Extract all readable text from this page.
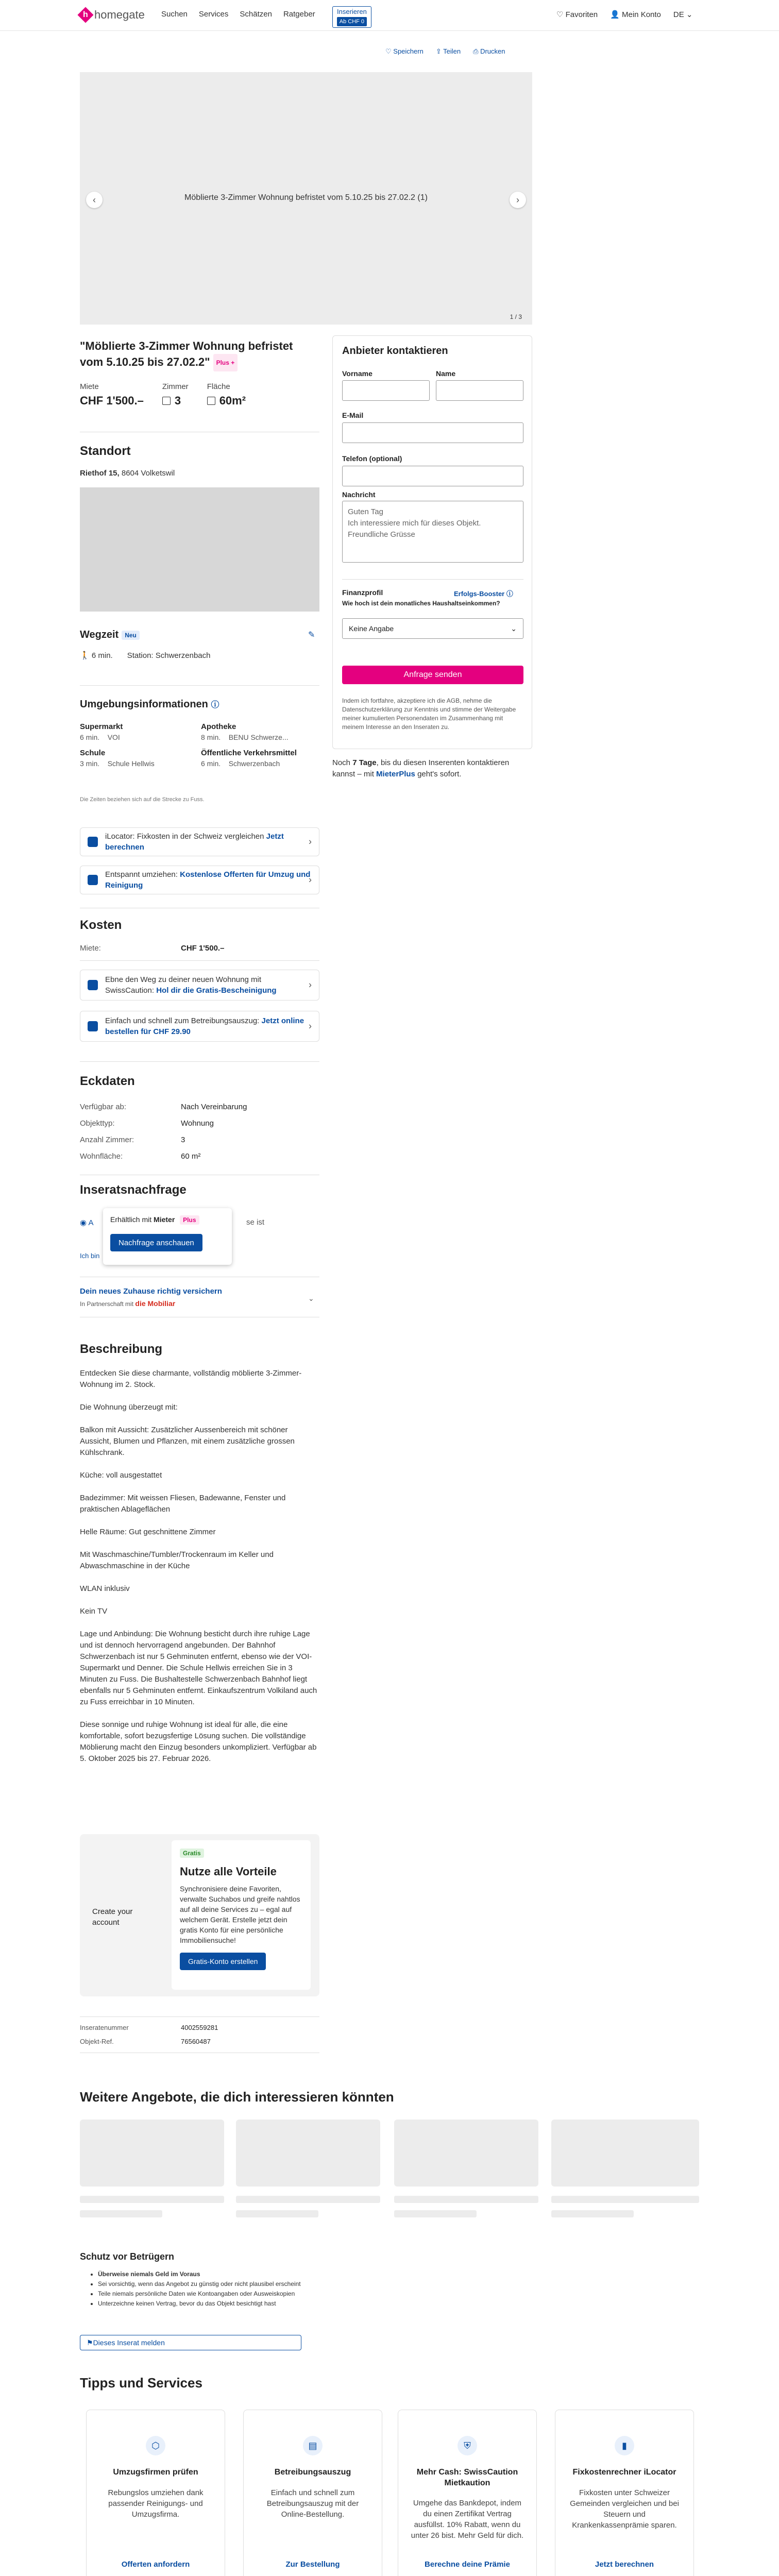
h homegate Suchen Services Schätzen Ratgeber	Inserieren
Ab CHF 0
♡ Favoriten 👤 Mein Konto DE ⌄
♡ Speichern ⇪ Teilen ⎙ Drucken
Möblierte 3-Zimmer Wohnung befristet vom 5.10.25 bis 27.02.2 (1)
‹	›
1 / 3
"Möblierte 3-Zimmer Wohnung befristet vom 5.10.25 bis 27.02.2" Plus +
Miete
CHF 1'500.–
Zimmer
3
Fläche
60m²
Standort
Riethof 15, 8604 Volketswil
Wegzeit Neu	✎
🚶 6 min. Station: Schwerzenbach
Umgebungsinformationen ⓘ
Supermarkt
6 min. VOI
Apotheke
8 min. BENU Schwerze...
Schule
3 min. Schule Hellwis
Öffentliche Verkehrsmittel
6 min. Schwerzenbach
Die Zeiten beziehen sich auf die Strecke zu Fuss.
iLocator: Fixkosten in der Schweiz vergleichen Jetzt berechnen
›
Entspannt umziehen: Kostenlose Offerten für Umzug und Reinigung
›
Kosten
Miete:	CHF 1'500.–
Ebne den Weg zu deiner neuen Wohnung mit SwissCaution: Hol dir die Gratis-Bescheinigung
›
Einfach und schnell zum Betreibungsauszug: Jetzt online bestellen für CHF 29.90
›
Eckdaten
Verfügbar ab:	Nach Vereinbarung
Objekttyp:	Wohnung
Anzahl Zimmer:	3
Wohnfläche:	60 m²
Inseratsnachfrage
◉ A	se ist
Ich bin
Erhältlich mit Mieter Plus
Nachfrage anschauen
Dein neues Zuhause richtig versichern
In Partnerschaft mit die Mobiliar
⌄
Beschreibung

Entdecken Sie diese charmante, vollständig möblierte 3-Zimmer-Wohnung im 2. Stock.

Die Wohnung überzeugt mit:

Balkon mit Aussicht: Zusätzlicher Aussenbereich mit schöner Aussicht, Blumen und Pflanzen, mit einem zusätzliche grossen Kühlschrank.

Küche: voll ausgestattet

Badezimmer: Mit weissen Fliesen, Badewanne, Fenster und praktischen Ablageflächen

Helle Räume: Gut geschnittene Zimmer

Mit Waschmaschine/Tumbler/Trockenraum im Keller und Abwaschmaschine in der Küche

WLAN inklusiv

Kein TV

Lage und Anbindung: Die Wohnung besticht durch ihre ruhige Lage und ist dennoch hervorragend angebunden. Der Bahnhof Schwerzenbach ist nur 5 Gehminuten entfernt, ebenso wie der VOI-Supermarkt und Denner. Die Schule Hellwis erreichen Sie in 3 Minuten zu Fuss. Die Bushaltestelle Schwerzenbach Bahnhof liegt ebenfalls nur 5 Gehminuten entfernt. Einkaufszentrum Volkiland auch zu Fuss erreichbar in 10 Minuten.

Diese sonnige und ruhige Wohnung ist ideal für alle, die eine komfortable, sofort bezugsfertige Lösung suchen. Die vollständige Möblierung macht den Einzug besonders unkompliziert. Verfügbar ab 5. Oktober 2025 bis 27. Februar 2026.

Create your account
Gratis
Nutze alle Vorteile
Synchronisiere deine Favoriten, verwalte Suchabos und greife nahtlos auf all deine Services zu – egal auf welchem Gerät. Erstelle jetzt dein gratis Konto für eine persönliche Immobiliensuche!
Gratis-Konto erstellen
Inseratenummer	4002559281
Objekt-Ref.	76560487
Weitere Angebote, die dich interessieren könnten
Schutz vor Betrügern
• Überweise niemals Geld im Voraus
• Sei vorsichtig, wenn das Angebot zu günstig oder nicht plausibel erscheint
• Teile niemals persönliche Daten wie Kontoangaben oder Ausweiskopien
• Unterzeichne keinen Vertrag, bevor du das Objekt besichtigt hast
⚑ Dieses Inserat melden
Tipps und Services
⬡
Umzugsfirmen prüfen
Rebungslos umziehen dank passender Reinigungs- und Umzugsfirma.
Offerten anfordern
▤
Betreibungsauszug
Einfach und schnell zum Betreibungsauszug mit der Online-Bestellung.
Zur Bestellung
⛨
Mehr Cash: SwissCaution Mietkaution
Umgehe das Bankdepot, indem du einen Zertifikat Vertrag ausfüllst. 10% Rabatt, wenn du unter 26 bist. Mehr Geld für dich.
Berechne deine Prämie
▮
Fixkostenrechner iLocator
Fixkosten unter Schweizer Gemeinden vergleichen und bei Steuern und Krankenkassenprämie sparen.
Jetzt berechnen
Anbieter kontaktieren
Vorname	Name
E-Mail
Telefon (optional)
Nachricht
Guten Tag
Ich interessiere mich für dieses Objekt.
Freundliche Grüsse
Finanzprofil	Erfolgs-Booster ⓘ
Wie hoch ist dein monatliches Haushaltseinkommen?
Keine Angabe	⌄
Anfrage senden
Indem ich fortfahre, akzeptiere ich die AGB, nehme die Datenschutzerklärung zur Kenntnis und stimme der Weitergabe meiner kumulierten Personendaten im Zusammenhang mit meinem Interesse an den Inseraten zu.
Noch 7 Tage, bis du diesen Inserenten kontaktieren kannst – mit MieterPlus geht's sofort.
